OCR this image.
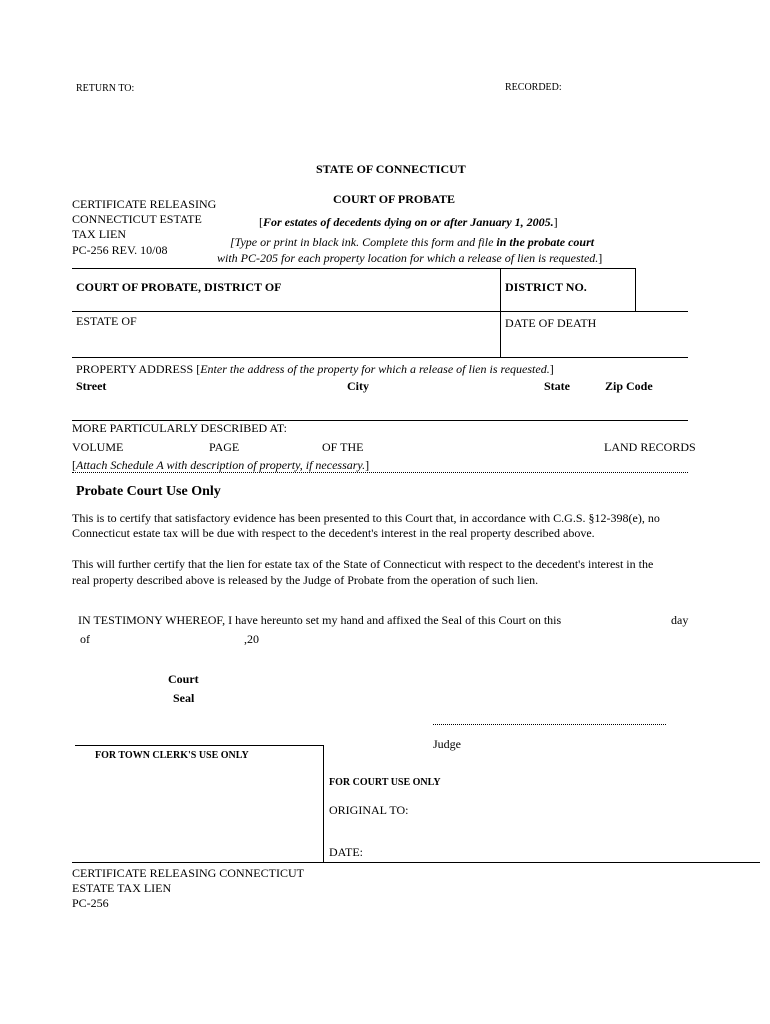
RETURN TO:	RECORDED:
STATE OF CONNECTICUT
COURT OF PROBATE
[For estates of decedents dying on or after January 1, 2005.]
[Type or print in black ink. Complete this form and file in the probate court
with PC-205 for each property location for which a release of lien is requested.]
CERTIFICATE RELEASING
CONNECTICUT ESTATE
TAX LIEN
PC-256 REV. 10/08
COURT OF PROBATE, DISTRICT OF	DISTRICT NO.
ESTATE OF	DATE OF DEATH
PROPERTY ADDRESS [Enter the address of the property for which a release of lien is requested.]
Street	City	State	Zip Code
MORE PARTICULARLY DESCRIBED AT:
VOLUME	PAGE	OF THE	LAND RECORDS
[Attach Schedule A with description of property, if necessary.]
Probate Court Use Only
This is to certify that satisfactory evidence has been presented to this Court that, in accordance with C.G.S. §12-398(e), no
Connecticut estate tax will be due with respect to the decedent's interest in the real property described above.
This will further certify that the lien for estate tax of the State of Connecticut with respect to the decedent's interest in the
real property described above is released by the Judge of Probate from the operation of such lien.
IN TESTIMONY WHEREOF, I have hereunto set my hand and affixed the Seal of this Court on this	day
of	,20
Court
Seal
Judge
FOR TOWN CLERK'S USE ONLY
FOR COURT USE ONLY
ORIGINAL TO:
DATE:
CERTIFICATE RELEASING CONNECTICUT
ESTATE TAX LIEN
PC-256
